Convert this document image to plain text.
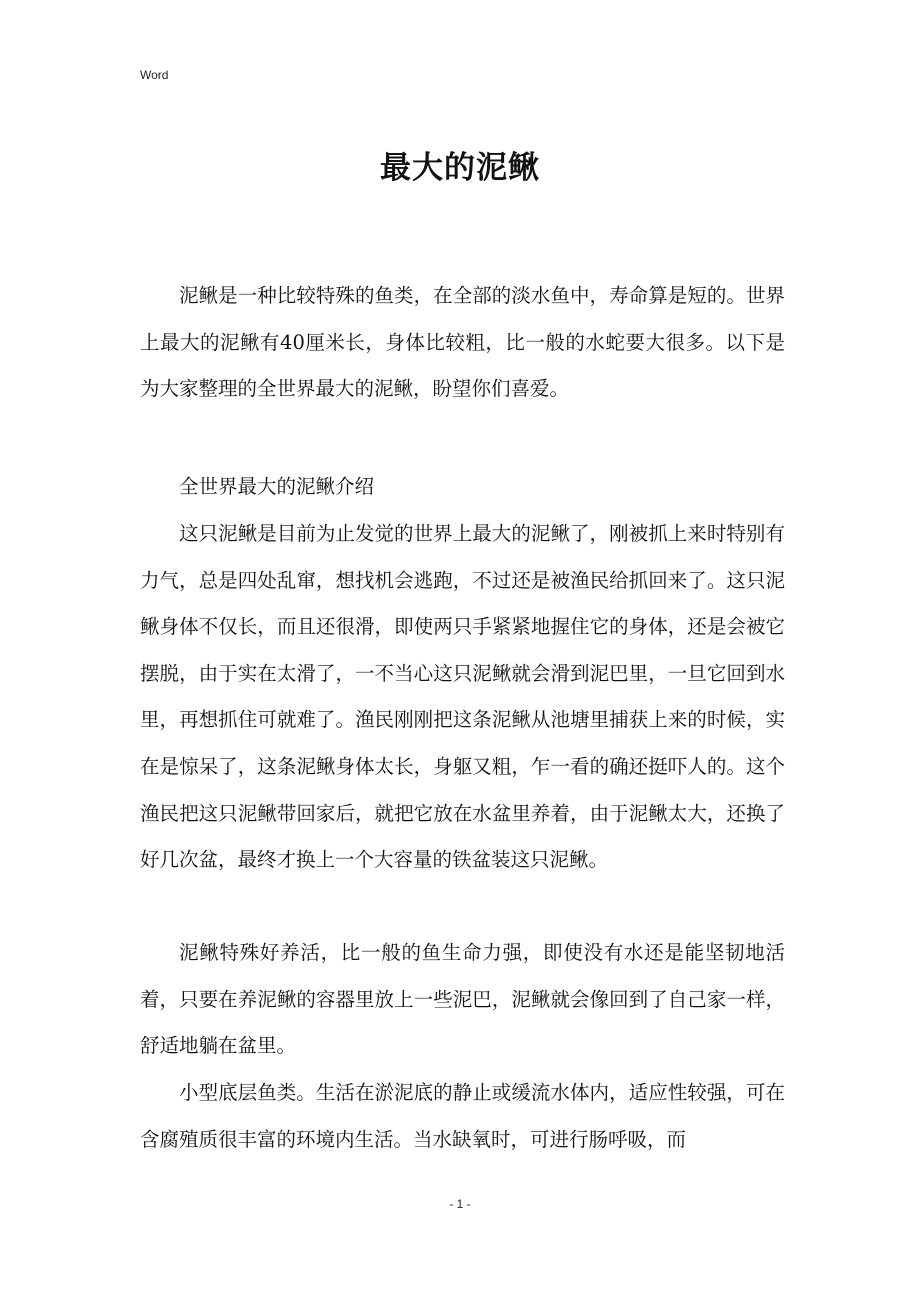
Word
最大的泥鳅

泥鳅是一种比较特殊的鱼类，在全部的淡水鱼中，寿命算是短的。世界上最大的泥鳅有40厘米长，身体比较粗，比一般的水蛇要大很多。以下是为大家整理的全世界最大的泥鳅，盼望你们喜爱。

全世界最大的泥鳅介绍

这只泥鳅是目前为止发觉的世界上最大的泥鳅了，刚被抓上来时特别有力气，总是四处乱窜，想找机会逃跑，不过还是被渔民给抓回来了。这只泥鳅身体不仅长，而且还很滑，即使两只手紧紧地握住它的身体，还是会被它摆脱，由于实在太滑了，一不当心这只泥鳅就会滑到泥巴里，一旦它回到水里，再想抓住可就难了。渔民刚刚把这条泥鳅从池塘里捕获上来的时候，实在是惊呆了，这条泥鳅身体太长，身躯又粗，乍一看的确还挺吓人的。这个渔民把这只泥鳅带回家后，就把它放在水盆里养着，由于泥鳅太大，还换了好几次盆，最终才换上一个大容量的铁盆装这只泥鳅。

泥鳅特殊好养活，比一般的鱼生命力强，即使没有水还是能坚韧地活着，只要在养泥鳅的容器里放上一些泥巴，泥鳅就会像回到了自己家一样，舒适地躺在盆里。

小型底层鱼类。生活在淤泥底的静止或缓流水体内，适应性较强，可在含腐殖质很丰富的环境内生活。当水缺氧时，可进行肠呼吸，而

- 1 -
